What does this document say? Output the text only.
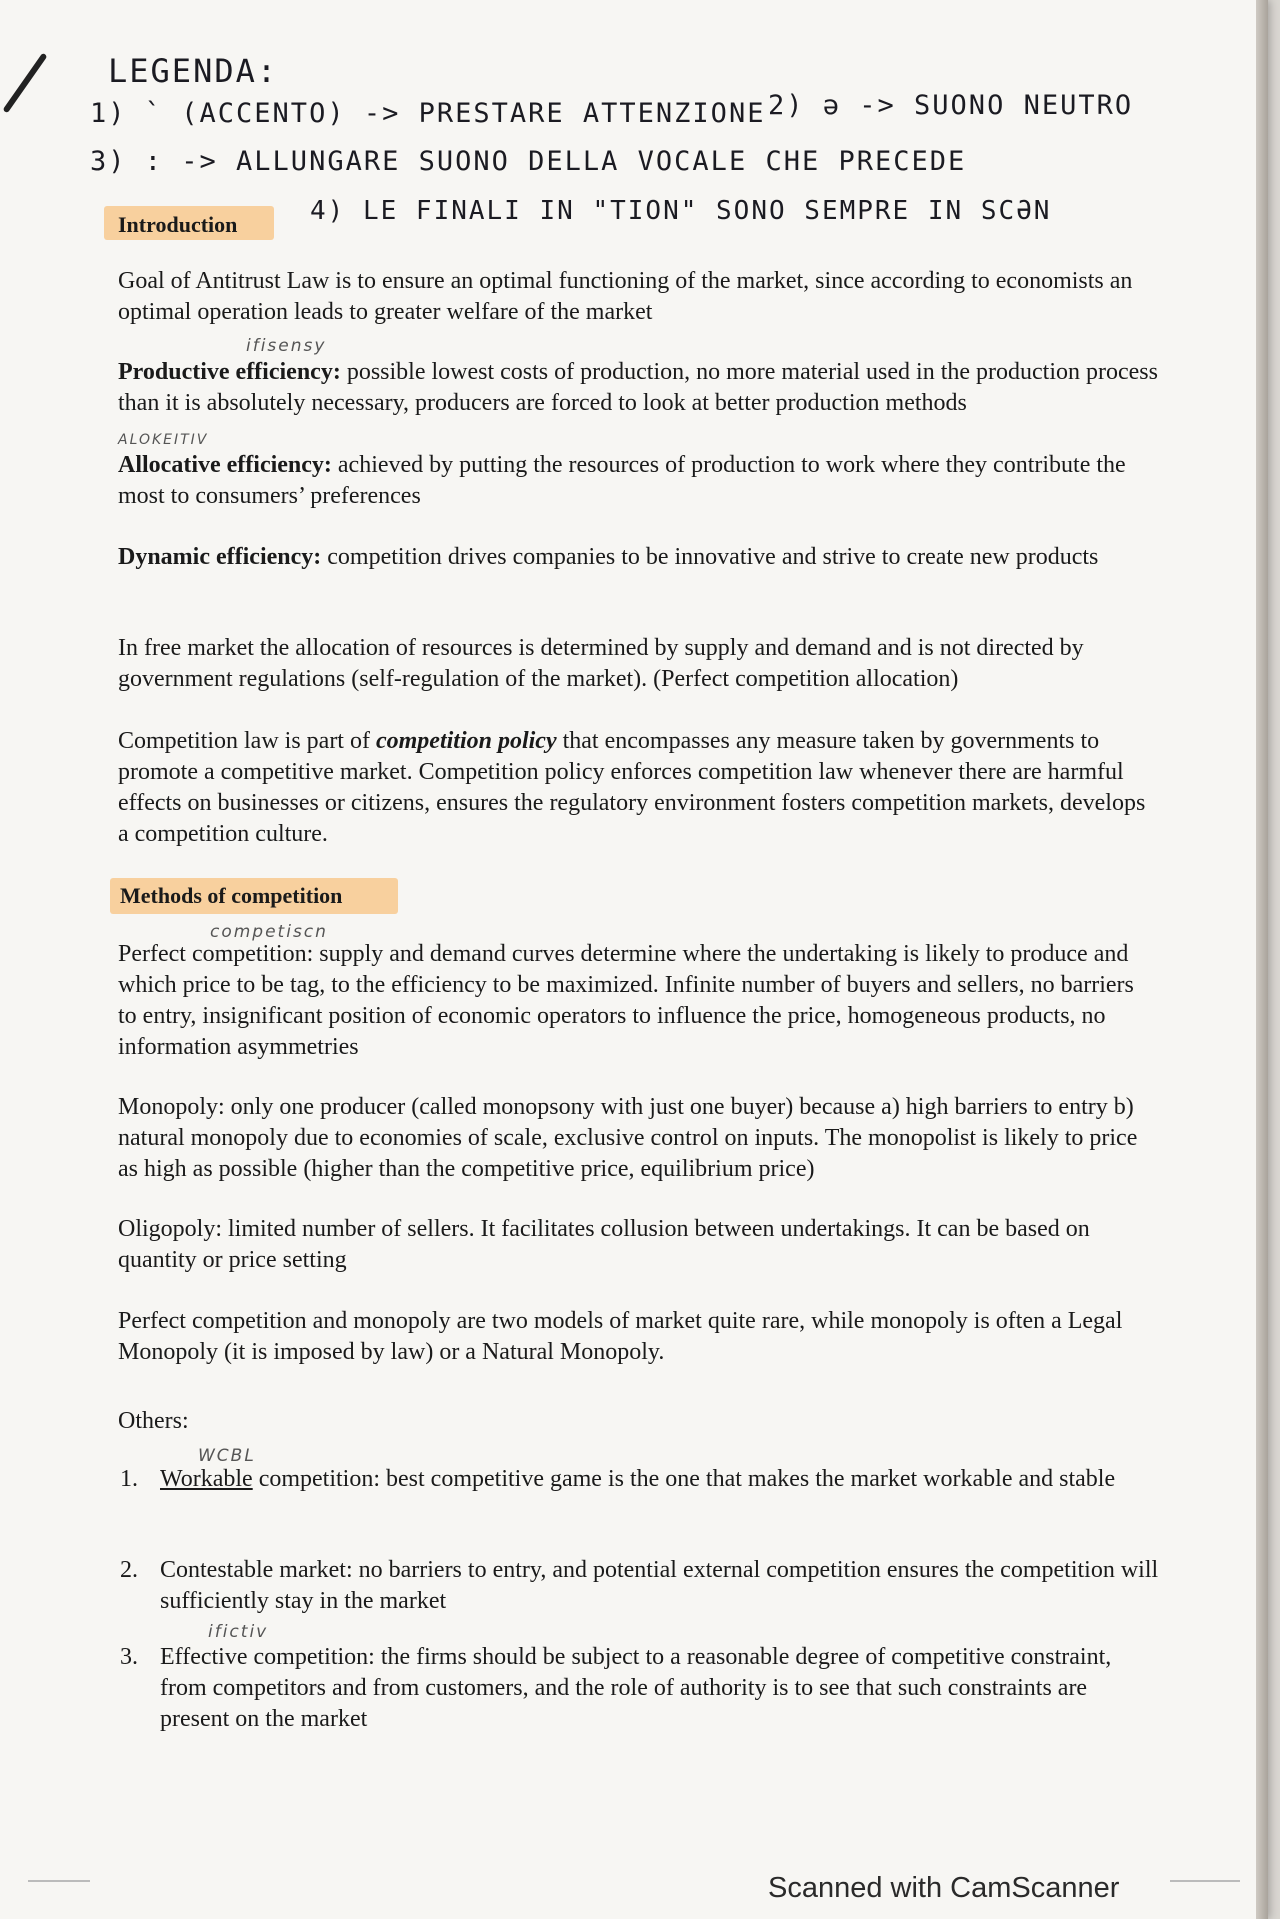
LEGENDA:
1) ` (ACCENTO) -> PRESTARE ATTENZIONE 2) ə -> SUONO NEUTRO
3) : -> ALLUNGARE SUONO DELLA VOCALE CHE PRECEDE
4) LE FINALI IN "TION" SONO SEMPRE IN SCƏN
Introduction
Goal of Antitrust Law is to ensure an optimal functioning of the market, since according to economists an optimal operation leads to greater welfare of the market
ifisensy
Productive efficiency: possible lowest costs of production, no more material used in the production process than it is absolutely necessary, producers are forced to look at better production methods
ALOKEITIV
Allocative efficiency: achieved by putting the resources of production to work where they contribute the most to consumers’ preferences
Dynamic efficiency: competition drives companies to be innovative and strive to create new products
In free market the allocation of resources is determined by supply and demand and is not directed by government regulations (self-regulation of the market). (Perfect competition allocation)
Competition law is part of competition policy that encompasses any measure taken by governments to promote a competitive market. Competition policy enforces competition law whenever there are harmful effects on businesses or citizens, ensures the regulatory environment fosters competition markets, develops a competition culture.
Methods of competition
competiscn
Perfect competition: supply and demand curves determine where the undertaking is likely to produce and which price to be tag, to the efficiency to be maximized. Infinite number of buyers and sellers, no barriers to entry, insignificant position of economic operators to influence the price, homogeneous products, no information asymmetries
Monopoly: only one producer (called monopsony with just one buyer) because a) high barriers to entry b) natural monopoly due to economies of scale, exclusive control on inputs. The monopolist is likely to price as high as possible (higher than the competitive price, equilibrium price)
Oligopoly: limited number of sellers. It facilitates collusion between undertakings. It can be based on quantity or price setting
Perfect competition and monopoly are two models of market quite rare, while monopoly is often a Legal Monopoly (it is imposed by law) or a Natural Monopoly.
Others:
WCBL
1. Workable competition: best competitive game is the one that makes the market workable and stable
2. Contestable market: no barriers to entry, and potential external competition ensures the competition will sufficiently stay in the market
ifictiv
3. Effective competition: the firms should be subject to a reasonable degree of competitive constraint, from competitors and from customers, and the role of authority is to see that such constraints are present on the market
Scanned with CamScanner
